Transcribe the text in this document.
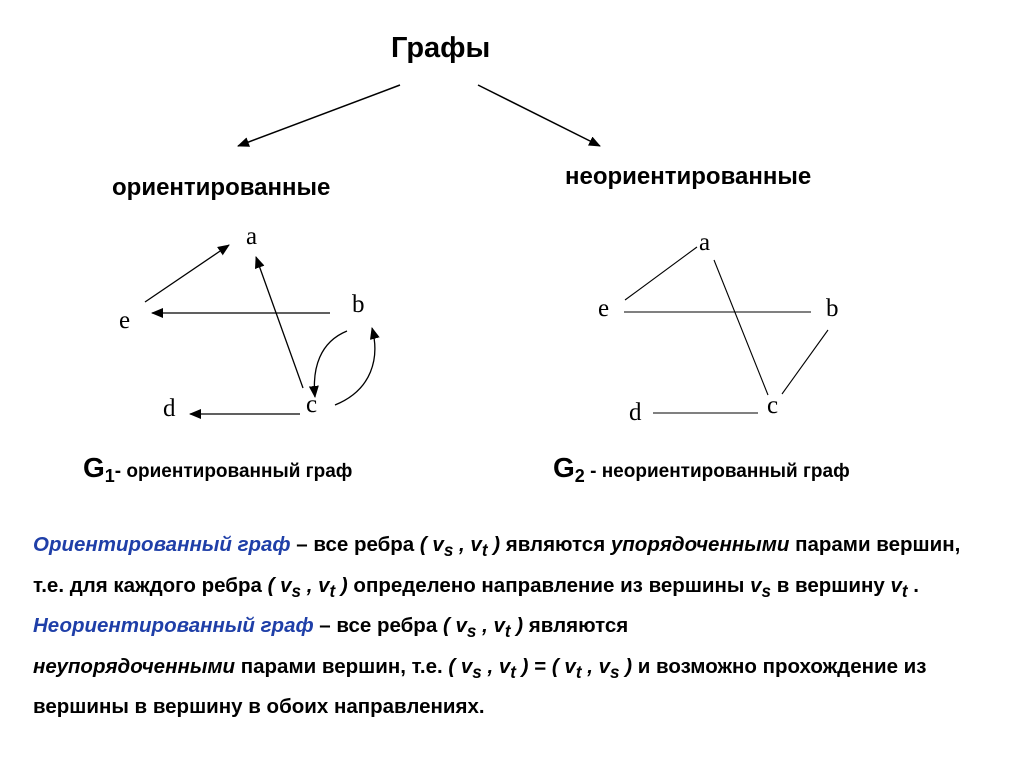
Графы
ориентированные	неориентированные
a
b
c
d
e
a
b
c
d
e
G1- ориентированный граф	G2 - неориентированный граф

Ориентированный граф – все ребра ( $v_s$ , $v_t$ ) являются упорядоченными парами вершин, т.е. для каждого ребра ( $v_s$ , $v_t$ ) определено направление из вершины $v_s$ в вершину $v_t$ .

Неориентированный граф – все ребра ( $v_s$ , $v_t$ ) являются
неупорядоченными парами вершин, т.е. ( $v_s$ , $v_t$ ) = ( $v_t$ , $v_s$ ) и возможно прохождение из вершины в вершину в обоих направлениях.
